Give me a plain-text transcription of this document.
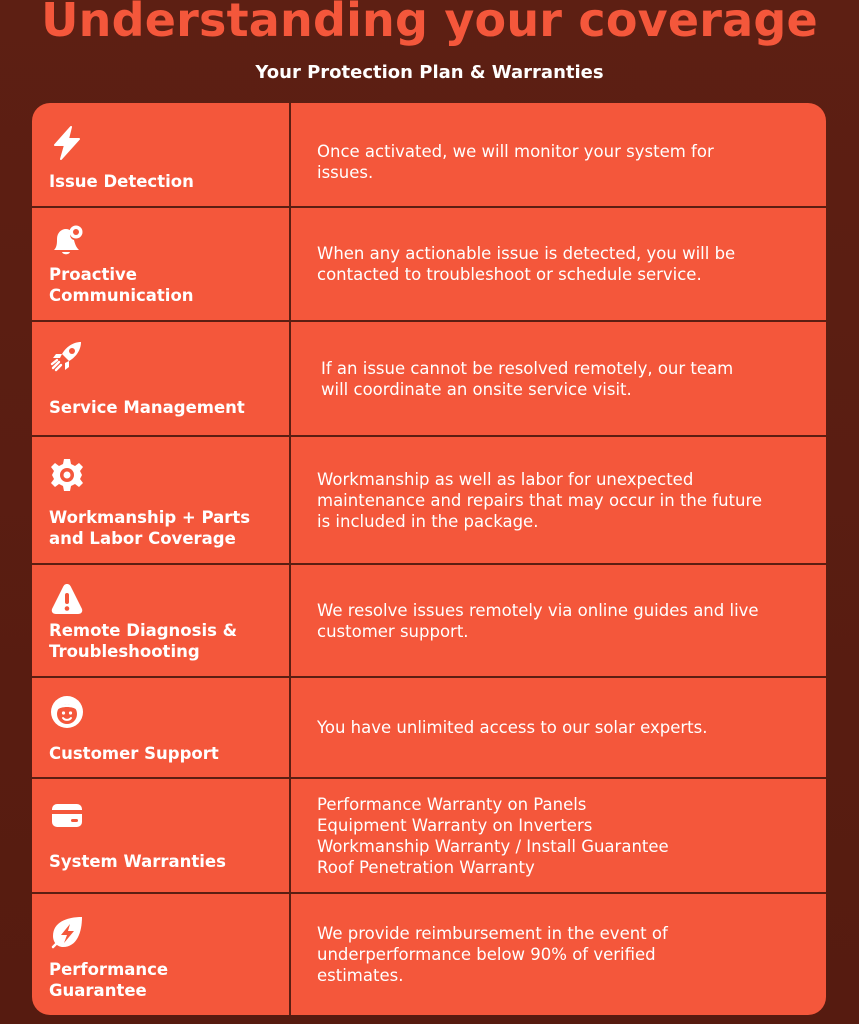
Understanding your coverage
Your Protection Plan & Warranties
Issue Detection
Once activated, we will monitor your system for
issues.
Proactive
Communication
When any actionable issue is detected, you will be
contacted to troubleshoot or schedule service.
Service Management
If an issue cannot be resolved remotely, our team
will coordinate an onsite service visit.
Workmanship + Parts
and Labor Coverage
Workmanship as well as labor for unexpected
maintenance and repairs that may occur in the future
is included in the package.
Remote Diagnosis &
Troubleshooting
We resolve issues remotely via online guides and live
customer support.
Customer Support
You have unlimited access to our solar experts.
System Warranties
Performance Warranty on Panels
Equipment Warranty on Inverters
Workmanship Warranty / Install Guarantee
Roof Penetration Warranty
Performance
Guarantee
We provide reimbursement in the event of
underperformance below 90% of verified
estimates.
